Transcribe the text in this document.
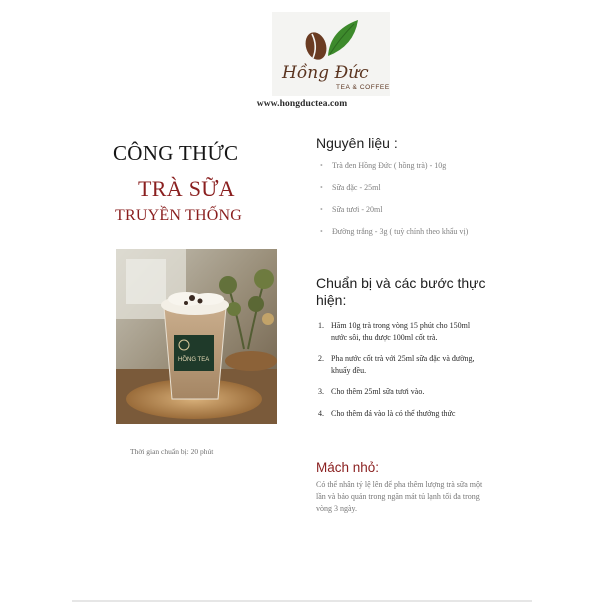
Hồng Đức
TEA & COFFEE
www.hongductea.com
CÔNG THỨC
TRÀ SỮA
TRUYỀN THỐNG
HỒNG TEA
Thời gian chuẩn bị: 20 phút
Nguyên liệu :
• Trà đen Hồng Đức ( hồng trà) - 10g
• Sữa đặc - 25ml
• Sữa tươi - 20ml
• Đường trắng - 3g ( tuỳ chỉnh theo khẩu vị)
Chuẩn bị và các bước thực hiện:
1. Hãm 10g trà trong vòng 15 phút cho 150ml nước sôi, thu được 100ml cốt trà.
2. Pha nước cốt trà với 25ml sữa đặc và đường, khuấy đều.
3. Cho thêm 25ml sữa tươi vào.
4. Cho thêm đá vào là có thể thưởng thức
Mách nhỏ:
Có thể nhân tỷ lệ lên để pha thêm lượng trà sữa một lần và bảo quản trong ngăn mát tủ lạnh tối đa trong vòng 3 ngày.
